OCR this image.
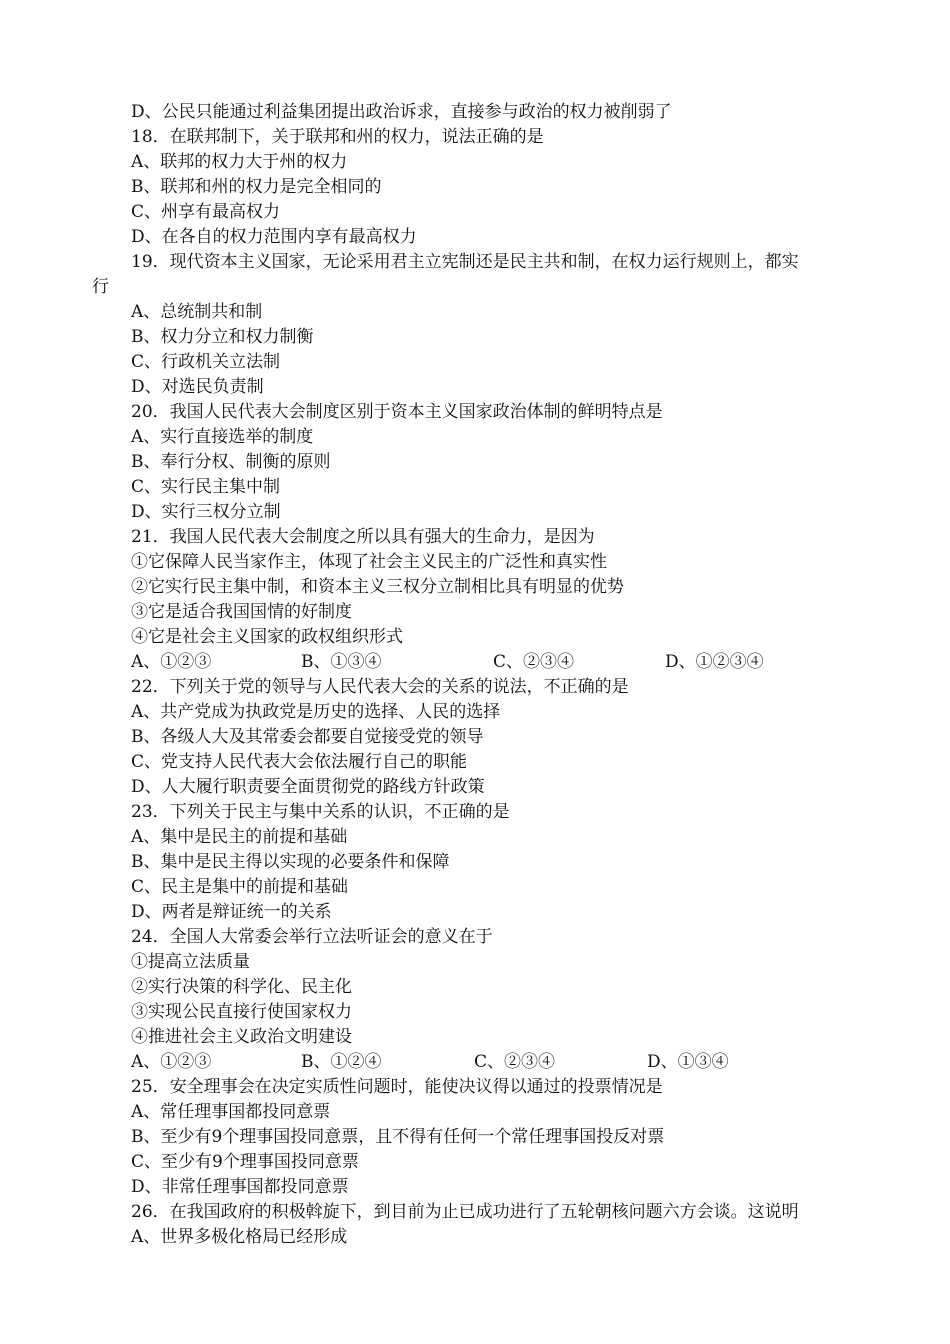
D、公民只能通过利益集团提出政治诉求，直接参与政治的权力被削弱了
18．在联邦制下，关于联邦和州的权力，说法正确的是
A、联邦的权力大于州的权力
B、联邦和州的权力是完全相同的
C、州享有最高权力
D、在各自的权力范围内享有最高权力
19．现代资本主义国家，无论采用君主立宪制还是民主共和制，在权力运行规则上，都实
行
A、总统制共和制
B、权力分立和权力制衡
C、行政机关立法制
D、对选民负责制
20．我国人民代表大会制度区别于资本主义国家政治体制的鲜明特点是
A、实行直接选举的制度
B、奉行分权、制衡的原则
C、实行民主集中制
D、实行三权分立制
21．我国人民代表大会制度之所以具有强大的生命力，是因为
①它保障人民当家作主，体现了社会主义民主的广泛性和真实性
②它实行民主集中制，和资本主义三权分立制相比具有明显的优势
③它是适合我国国情的好制度
④它是社会主义国家的政权组织形式
A、①②③	B、①③④	C、②③④	D、①②③④
22．下列关于党的领导与人民代表大会的关系的说法，不正确的是
A、共产党成为执政党是历史的选择、人民的选择
B、各级人大及其常委会都要自觉接受党的领导
C、党支持人民代表大会依法履行自己的职能
D、人大履行职责要全面贯彻党的路线方针政策
23．下列关于民主与集中关系的认识，不正确的是
A、集中是民主的前提和基础
B、集中是民主得以实现的必要条件和保障
C、民主是集中的前提和基础
D、两者是辩证统一的关系
24．全国人大常委会举行立法听证会的意义在于
①提高立法质量
②实行决策的科学化、民主化
③实现公民直接行使国家权力
④推进社会主义政治文明建设
A、①②③	B、①②④	C、②③④	D、①③④
25．安全理事会在决定实质性问题时，能使决议得以通过的投票情况是
A、常任理事国都投同意票
B、至少有9个理事国投同意票，且不得有任何一个常任理事国投反对票
C、至少有9个理事国投同意票
D、非常任理事国都投同意票
26．在我国政府的积极斡旋下，到目前为止已成功进行了五轮朝核问题六方会谈。这说明
A、世界多极化格局已经形成
